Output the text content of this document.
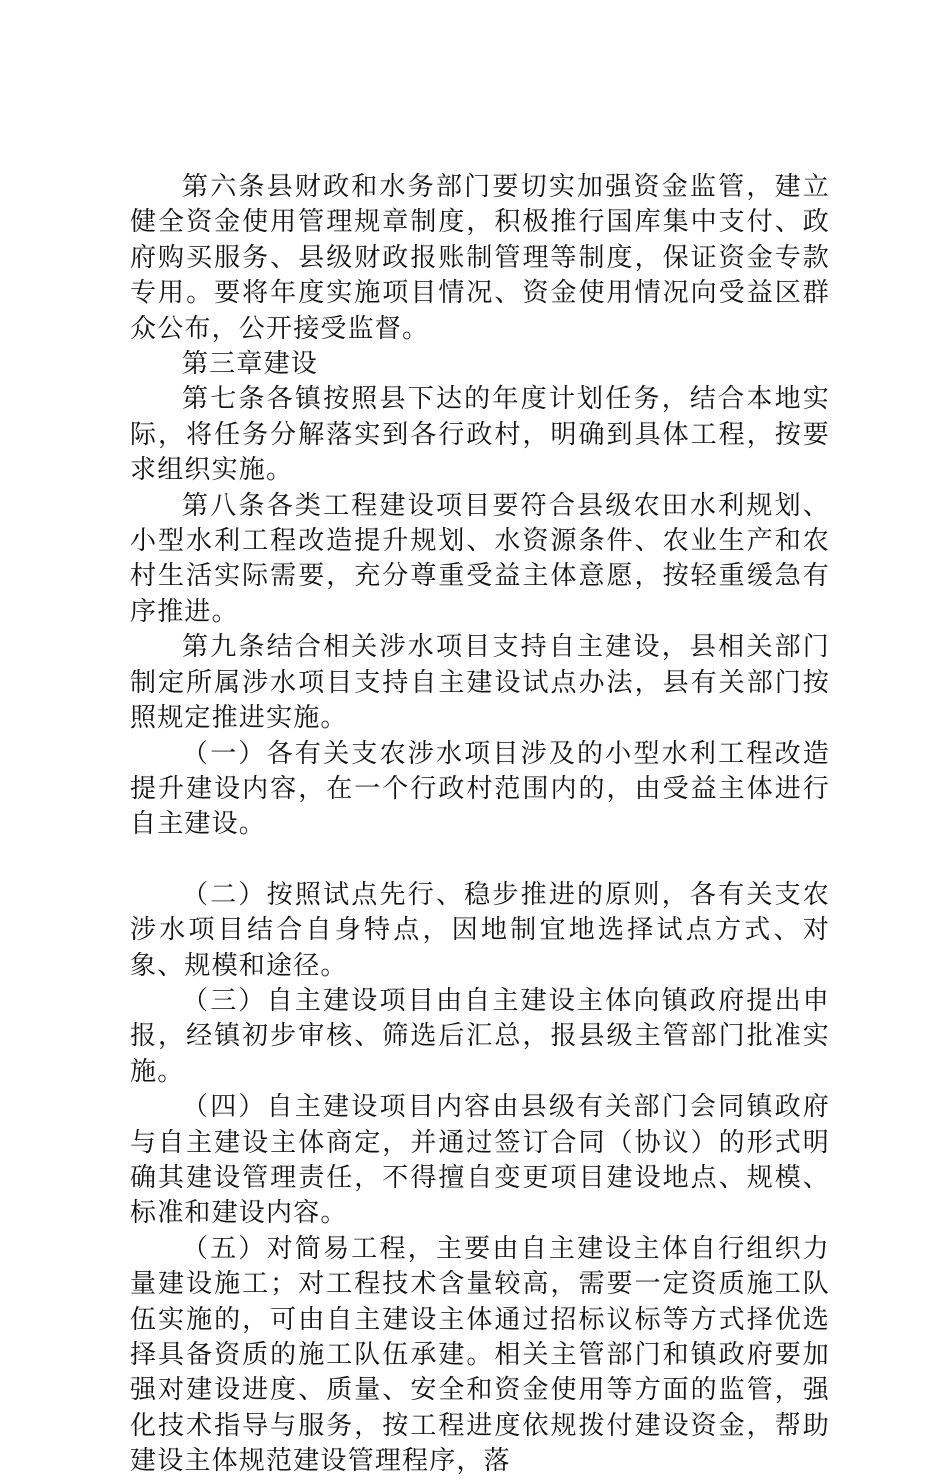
第六条县财政和水务部门要切实加强资金监管，建立健全资金使用管理规章制度，积极推行国库集中支付、政府购买服务、县级财政报账制管理等制度，保证资金专款专用。要将年度实施项目情况、资金使用情况向受益区群众公布，公开接受监督。

第三章建设

第七条各镇按照县下达的年度计划任务，结合本地实际，将任务分解落实到各行政村，明确到具体工程，按要求组织实施。

第八条各类工程建设项目要符合县级农田水利规划、小型水利工程改造提升规划、水资源条件、农业生产和农村生活实际需要，充分尊重受益主体意愿，按轻重缓急有序推进。

第九条结合相关涉水项目支持自主建设，县相关部门制定所属涉水项目支持自主建设试点办法，县有关部门按照规定推进实施。

（一）各有关支农涉水项目涉及的小型水利工程改造提升建设内容，在一个行政村范围内的，由受益主体进行自主建设。

（二）按照试点先行、稳步推进的原则，各有关支农涉水项目结合自身特点，因地制宜地选择试点方式、对象、规模和途径。

（三）自主建设项目由自主建设主体向镇政府提出申报，经镇初步审核、筛选后汇总，报县级主管部门批准实施。

（四）自主建设项目内容由县级有关部门会同镇政府与自主建设主体商定，并通过签订合同（协议）的形式明确其建设管理责任，不得擅自变更项目建设地点、规模、标准和建设内容。

（五）对简易工程，主要由自主建设主体自行组织力量建设施工；对工程技术含量较高，需要一定资质施工队伍实施的，可由自主建设主体通过招标议标等方式择优选择具备资质的施工队伍承建。相关主管部门和镇政府要加强对建设进度、质量、安全和资金使用等方面的监管，强化技术指导与服务，按工程进度依规拨付建设资金，帮助建设主体规范建设管理程序，落
